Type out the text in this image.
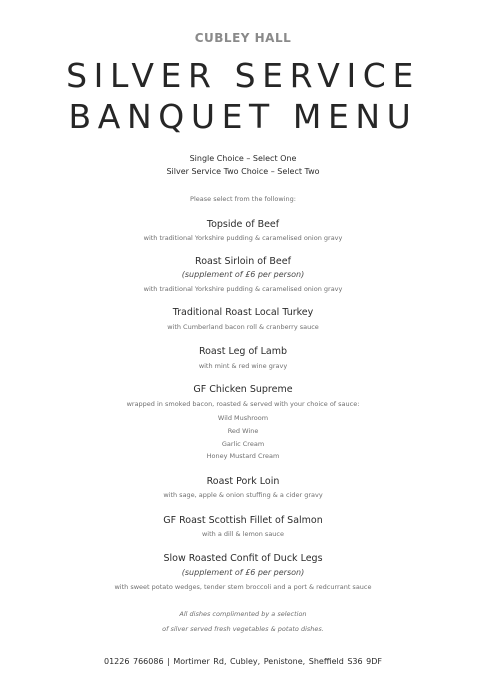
CUBLEY HALL
SILVER SERVICE
BANQUET MENU
Single Choice – Select One
Silver Service Two Choice – Select Two
Please select from the following:
Topside of Beef
with traditional Yorkshire pudding & caramelised onion gravy
Roast Sirloin of Beef
(supplement of £6 per person)
with traditional Yorkshire pudding & caramelised onion gravy
Traditional Roast Local Turkey
with Cumberland bacon roll & cranberry sauce
Roast Leg of Lamb
with mint & red wine gravy
GF Chicken Supreme
wrapped in smoked bacon, roasted & served with your choice of sauce:
Wild Mushroom
Red Wine
Garlic Cream
Honey Mustard Cream
Roast Pork Loin
with sage, apple & onion stuffing & a cider gravy
GF Roast Scottish Fillet of Salmon
with a dill & lemon sauce
Slow Roasted Confit of Duck Legs
(supplement of £6 per person)
with sweet potato wedges, tender stem broccoli and a port & redcurrant sauce
All dishes complimented by a selection
of silver served fresh vegetables & potato dishes.
01226 766086 | Mortimer Rd, Cubley, Penistone, Sheffield S36 9DF
